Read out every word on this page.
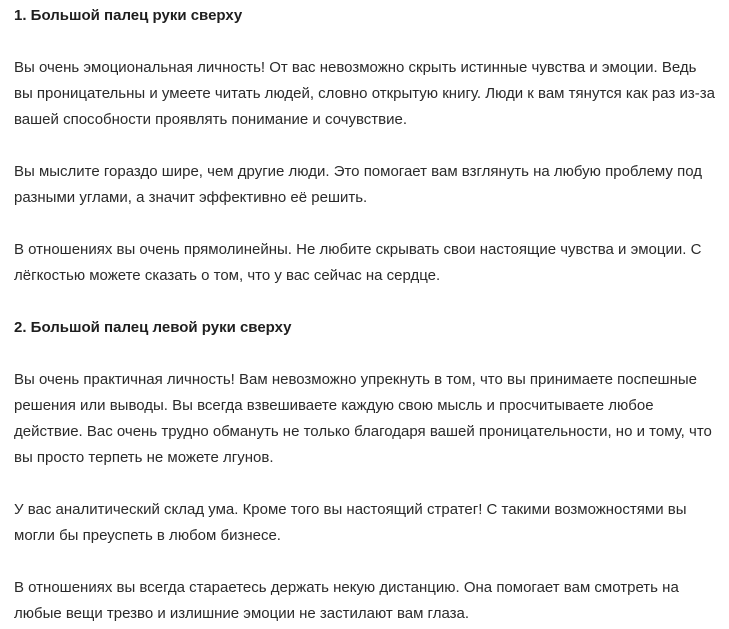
1. Большой палец руки сверху

Вы очень эмоциональная личность! От вас невозможно скрыть истинные чувства и эмоции. Ведь вы проницательны и умеете читать людей, словно открытую книгу. Люди к вам тянутся как раз из-за вашей способности проявлять понимание и сочувствие.

Вы мыслите гораздо шире, чем другие люди. Это помогает вам взглянуть на любую проблему под разными углами, а значит эффективно её решить.

В отношениях вы очень прямолинейны. Не любите скрывать свои настоящие чувства и эмоции. С лёгкостью можете сказать о том, что у вас сейчас на сердце.

2. Большой палец левой руки сверху

Вы очень практичная личность! Вам невозможно упрекнуть в том, что вы принимаете поспешные решения или выводы. Вы всегда взвешиваете каждую свою мысль и просчитываете любое действие. Вас очень трудно обмануть не только благодаря вашей проницательности, но и тому, что вы просто терпеть не можете лгунов.

У вас аналитический склад ума. Кроме того вы настоящий стратег! С такими возможностями вы могли бы преуспеть в любом бизнесе.

В отношениях вы всегда стараетесь держать некую дистанцию. Она помогает вам смотреть на любые вещи трезво и излишние эмоции не застилают вам глаза.
